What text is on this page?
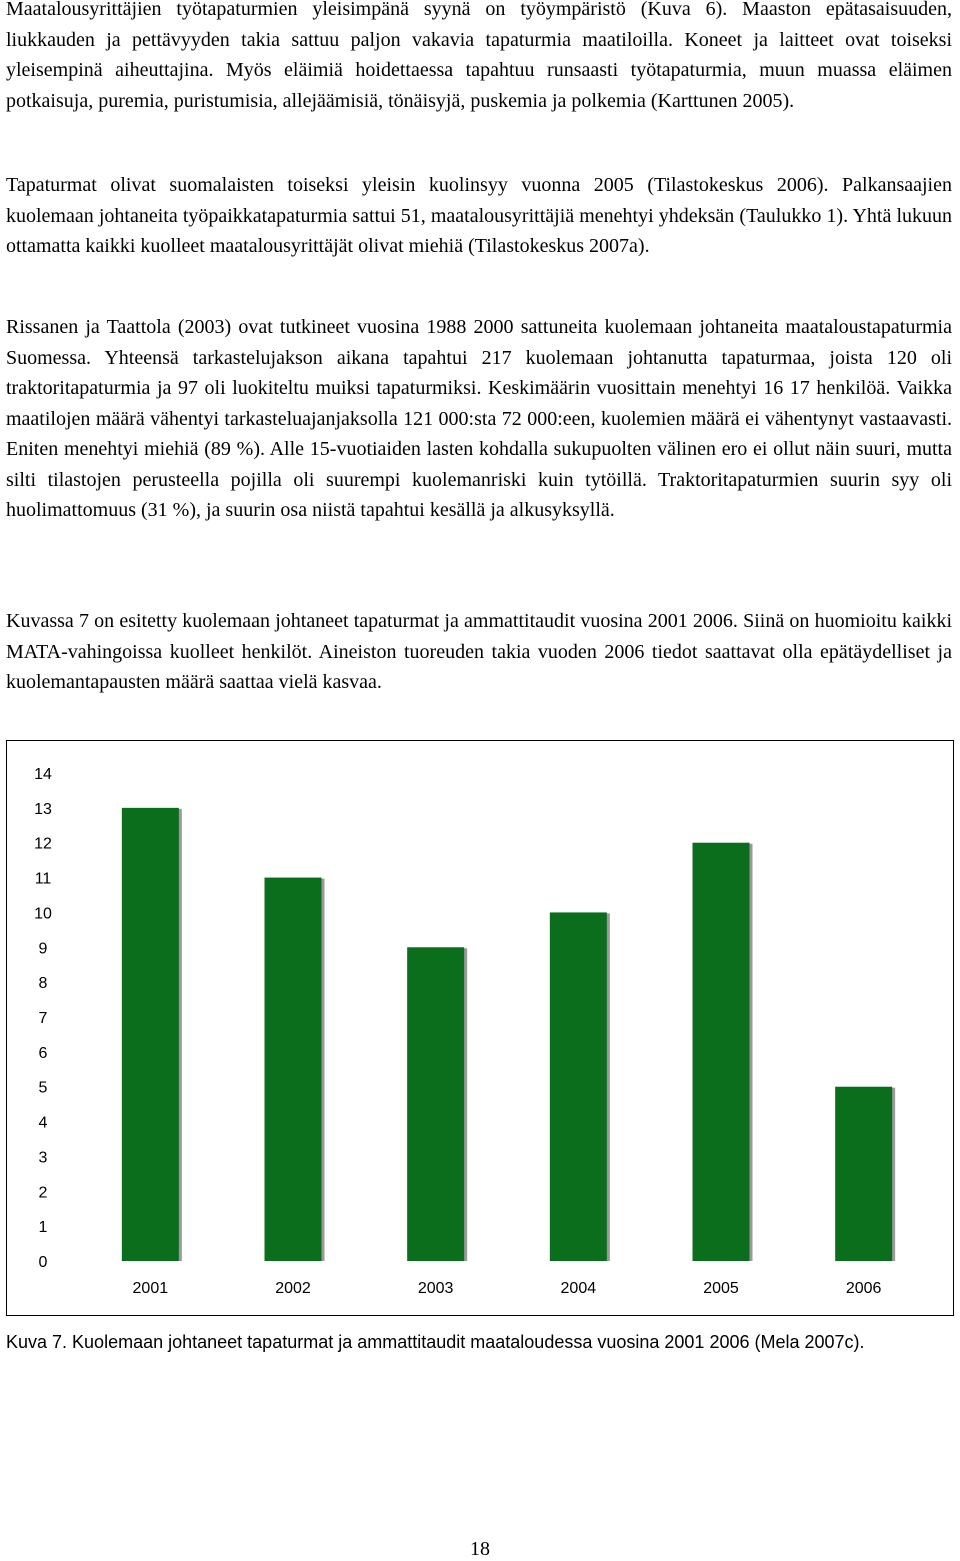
Maatalousyrittäjien työtapaturmien yleisimpänä syynä on työympäristö (Kuva 6). Maaston epätasaisuuden, liukkauden ja pettävyyden takia sattuu paljon vakavia tapaturmia maatiloilla. Koneet ja laitteet ovat toiseksi yleisempinä aiheuttajina. Myös eläimiä hoidettaessa tapahtuu runsaasti työtapaturmia, muun muassa eläimen potkaisuja, puremia, puristumisia, allejäämisiä, tönäisyjä, puskemia ja polkemia (Karttunen 2005).

Tapaturmat olivat suomalaisten toiseksi yleisin kuolinsyy vuonna 2005 (Tilastokeskus 2006). Palkansaajien kuolemaan johtaneita työpaikkatapaturmia sattui 51, maatalousyrittäjiä menehtyi yhdeksän (Taulukko 1). Yhtä lukuun ottamatta kaikki kuolleet maatalousyrittäjät olivat miehiä (Tilastokeskus 2007a).

Rissanen ja Taattola (2003) ovat tutkineet vuosina 1988 2000 sattuneita kuolemaan johtaneita maataloustapaturmia Suomessa. Yhteensä tarkastelujakson aikana tapahtui 217 kuolemaan johtanutta tapaturmaa, joista 120 oli traktoritapaturmia ja 97 oli luokiteltu muiksi tapaturmiksi. Keskimäärin vuosittain menehtyi 16 17 henkilöä. Vaikka maatilojen määrä vähentyi tarkasteluajanjaksolla 121 000:sta 72 000:een, kuolemien määrä ei vähentynyt vastaavasti. Eniten menehtyi miehiä (89 %). Alle 15-vuotiaiden lasten kohdalla sukupuolten välinen ero ei ollut näin suuri, mutta silti tilastojen perusteella pojilla oli suurempi kuolemanriski kuin tytöillä. Traktoritapaturmien suurin syy oli huolimattomuus (31 %), ja suurin osa niistä tapahtui kesällä ja alkusyksyllä.

Kuvassa 7 on esitetty kuolemaan johtaneet tapaturmat ja ammattitaudit vuosina 2001 2006. Siinä on huomioitu kaikki MATA-vahingoissa kuolleet henkilöt. Aineiston tuoreuden takia vuoden 2006 tiedot saattavat olla epätäydelliset ja kuolemantapausten määrä saattaa vielä kasvaa.

0
1
2
3
4
5
6
7
8
9
10
11
12
13
14
2001	2002	2003	2004	2005	2006

Kuva 7. Kuolemaan johtaneet tapaturmat ja ammattitaudit maataloudessa vuosina 2001 2006 (Mela 2007c).

18
